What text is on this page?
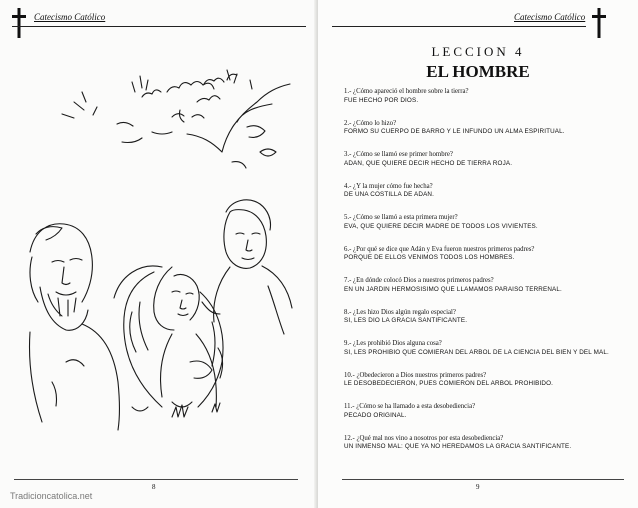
Catecismo Católico
8
Tradicioncatolica.net
Catecismo Católico
LECCION 4
EL HOMBRE
1.- ¿Cómo apareció el hombre sobre la tierra?
FUE HECHO POR DIOS.
2.- ¿Cómo lo hizo?
FORMO SU CUERPO DE BARRO Y LE INFUNDO UN ALMA ESPIRITUAL.
3.- ¿Cómo se llamó ese primer hombre?
ADAN, QUE QUIERE DECIR HECHO DE TIERRA ROJA.
4.- ¿Y la mujer cómo fue hecha?
DE UNA COSTILLA DE ADAN.
5.- ¿Cómo se llamó a esta primera mujer?
EVA, QUE QUIERE DECIR MADRE DE TODOS LOS VIVIENTES.
6.- ¿Por qué se dice que Adán y Eva fueron nuestros primeros padres?
PORQUE DE ELLOS VENIMOS TODOS LOS HOMBRES.
7.- ¿En dónde colocó Dios a nuestros primeros padres?
EN UN JARDIN HERMOSISIMO QUE LLAMAMOS PARAISO TERRENAL.
8.- ¿Les hizo Dios algún regalo especial?
SI, LES DIO LA GRACIA SANTIFICANTE.
9.- ¿Les prohibió Dios alguna cosa?
SI, LES PROHIBIO QUE COMIERAN DEL ARBOL DE LA CIENCIA DEL BIEN Y DEL MAL.
10.- ¿Obedecieron a Dios nuestros primeros padres?
LE DESOBEDECIERON, PUES COMIERON DEL ARBOL PROHIBIDO.
11.- ¿Cómo se ha llamado a esta desobediencia?
PECADO ORIGINAL.
12.- ¿Qué mal nos vino a nosotros por esta desobediencia?
UN INMENSO MAL: QUE YA NO HEREDAMOS LA GRACIA SANTIFICANTE.
9
